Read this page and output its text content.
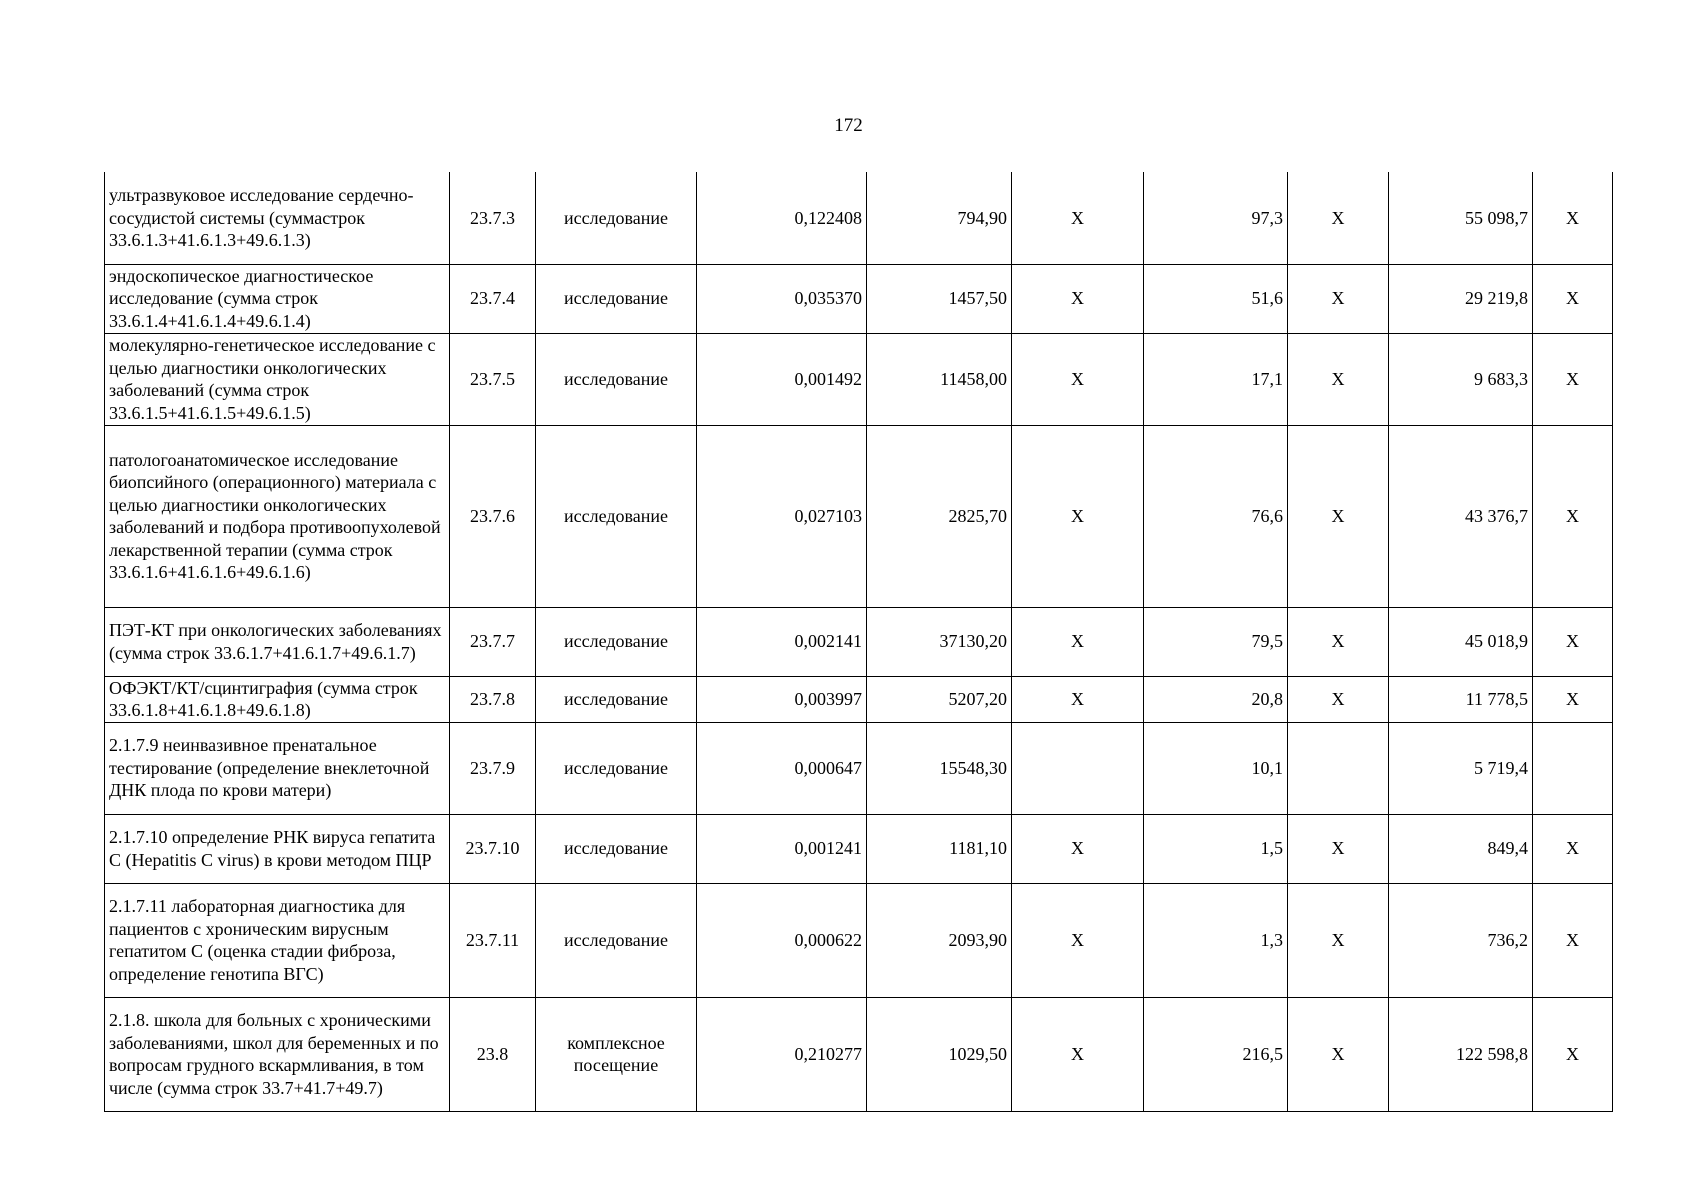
172
ультразвуковое исследование сердечно-сосудистой системы (суммастрок 33.6.1.3+41.6.1.3+49.6.1.3)	23.7.3	исследование	0,122408	794,90	Х	97,3	Х	55 098,7	Х
эндоскопическое диагностическое исследование (сумма строк 33.6.1.4+41.6.1.4+49.6.1.4)	23.7.4	исследование	0,035370	1457,50	Х	51,6	Х	29 219,8	Х
молекулярно-генетическое исследование с целью диагностики онкологических заболеваний (сумма строк 33.6.1.5+41.6.1.5+49.6.1.5)	23.7.5	исследование	0,001492	11458,00	Х	17,1	Х	9 683,3	Х
патологоанатомическое исследование биопсийного (операционного) материала с целью диагностики онкологических заболеваний и подбора противоопухолевой лекарственной терапии (сумма строк 33.6.1.6+41.6.1.6+49.6.1.6)	23.7.6	исследование	0,027103	2825,70	Х	76,6	Х	43 376,7	Х
ПЭТ-КТ при онкологических заболеваниях (сумма строк 33.6.1.7+41.6.1.7+49.6.1.7)	23.7.7	исследование	0,002141	37130,20	Х	79,5	Х	45 018,9	Х
ОФЭКТ/КТ/сцинтиграфия (сумма строк 33.6.1.8+41.6.1.8+49.6.1.8)	23.7.8	исследование	0,003997	5207,20	Х	20,8	Х	11 778,5	Х
2.1.7.9 неинвазивное пренатальное тестирование (определение внеклеточной ДНК плода по крови матери)	23.7.9	исследование	0,000647	15548,30		10,1		5 719,4	
2.1.7.10 определение РНК вируса гепатита С (Hepatitis С virus) в крови методом ПЦР	23.7.10	исследование	0,001241	1181,10	Х	1,5	Х	849,4	Х
2.1.7.11 лабораторная диагностика для пациентов с хроническим вирусным гепатитом С (оценка стадии фиброза, определение генотипа ВГС)	23.7.11	исследование	0,000622	2093,90	Х	1,3	Х	736,2	Х
2.1.8. школа для больных с хроническими заболеваниями, школ для беременных и по вопросам грудного вскармливания, в том числе (сумма строк 33.7+41.7+49.7)	23.8	комплексное посещение	0,210277	1029,50	Х	216,5	Х	122 598,8	Х
